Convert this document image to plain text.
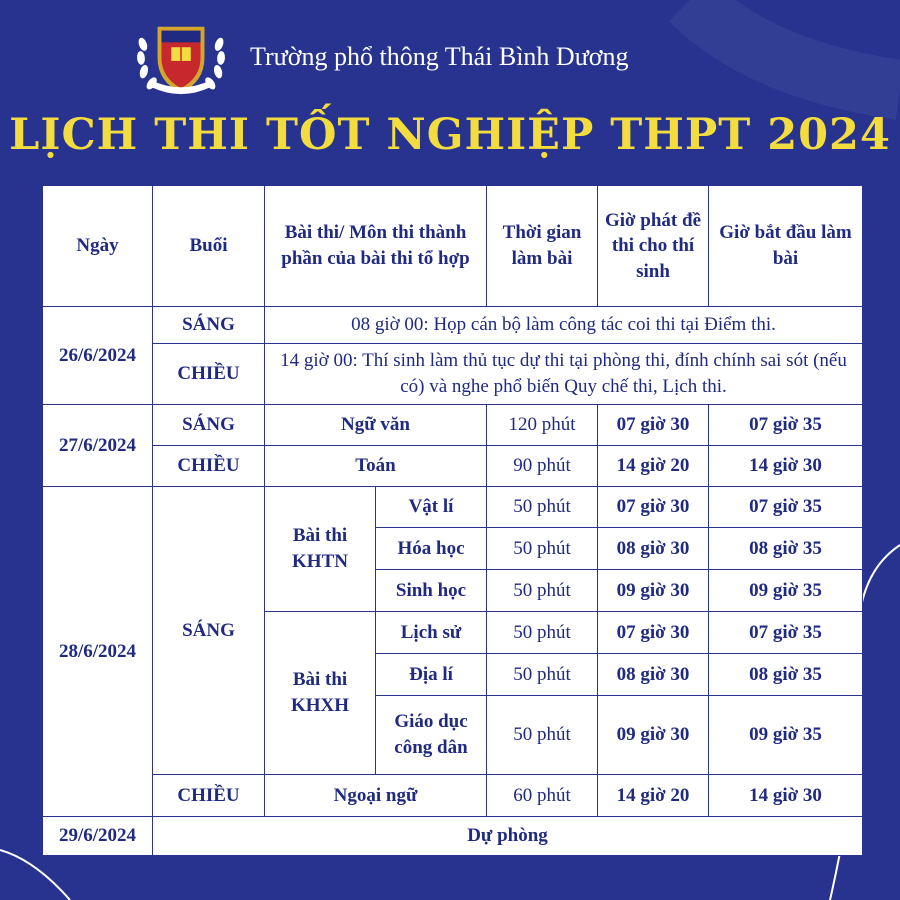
Trường phổ thông Thái Bình Dương
LỊCH THI TỐT NGHIỆP THPT 2024
Ngày	Buổi	Bài thi/ Môn thi thành phần của bài thi tổ hợp		Thời gian làm bài	Giờ phát đề thi cho thí sinh	Giờ bắt đầu làm bài
26/6/2024	SÁNG	08 giờ 00: Họp cán bộ làm công tác coi thi tại Điểm thi.				
	CHIỀU	14 giờ 00: Thí sinh làm thủ tục dự thi tại phòng thi, đính chính sai sót (nếu có) và nghe phổ biến Quy chế thi, Lịch thi.				
27/6/2024	SÁNG	Ngữ văn		120 phút	07 giờ 30	07 giờ 35
	CHIỀU	Toán		90 phút	14 giờ 20	14 giờ 30
28/6/2024	SÁNG	Bài thi KHTN	Vật lí	50 phút	07 giờ 30	07 giờ 35
			Hóa học	50 phút	08 giờ 30	08 giờ 35
			Sinh học	50 phút	09 giờ 30	09 giờ 35
		Bài thi KHXH	Lịch sử	50 phút	07 giờ 30	07 giờ 35
			Địa lí	50 phút	08 giờ 30	08 giờ 35
			Giáo dục công dân	50 phút	09 giờ 30	09 giờ 35
	CHIỀU	Ngoại ngữ		60 phút	14 giờ 20	14 giờ 30
29/6/2024	Dự phòng					
